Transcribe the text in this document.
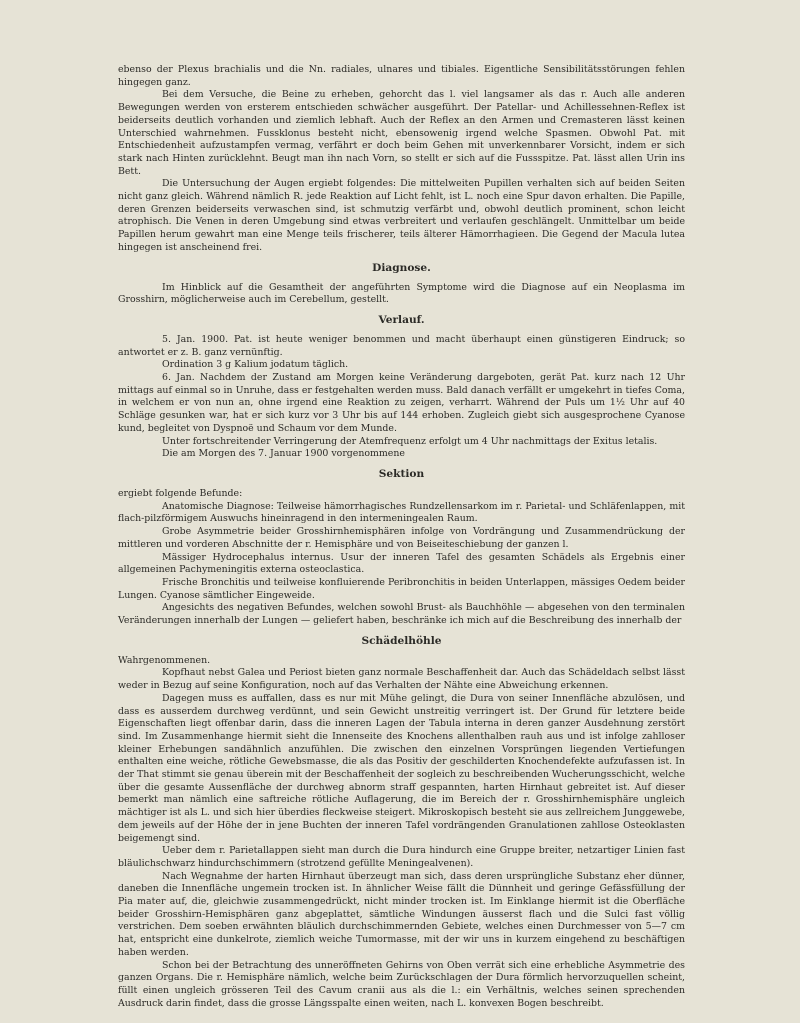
ebenso der Plexus brachialis und die Nn. radiales, ulnares und tibiales. Eigentliche Sensibilitätsstörungen fehlen hingegen ganz.

Bei dem Versuche, die Beine zu erheben, gehorcht das l. viel langsamer als das r. Auch alle anderen Bewegungen werden von ersterem entschieden schwächer ausgeführt. Der Patellar- und Achillessehnen-Reflex ist beiderseits deutlich vorhanden und ziemlich lebhaft. Auch der Reflex an den Armen und Cremasteren lässt keinen Unterschied wahrnehmen. Fussklonus besteht nicht, ebensowenig irgend welche Spasmen. Obwohl Pat. mit Entschiedenheit aufzustampfen vermag, verfährt er doch beim Gehen mit unverkennbarer Vorsicht, indem er sich stark nach Hinten zurücklehnt. Beugt man ihn nach Vorn, so stellt er sich auf die Fussspitze. Pat. lässt allen Urin ins Bett.

Die Untersuchung der Augen ergiebt folgendes: Die mittelweiten Pupillen verhalten sich auf beiden Seiten nicht ganz gleich. Während nämlich R. jede Reaktion auf Licht fehlt, ist L. noch eine Spur davon erhalten. Die Papille, deren Grenzen beiderseits verwaschen sind, ist schmutzig verfärbt und, obwohl deutlich prominent, schon leicht atrophisch. Die Venen in deren Umgebung sind etwas verbreitert und verlaufen geschlängelt. Unmittelbar um beide Papillen herum gewahrt man eine Menge teils frischerer, teils älterer Hämorrhagieen. Die Gegend der Macula lutea hingegen ist anscheinend frei.

Diagnose.

Im Hinblick auf die Gesamtheit der angeführten Symptome wird die Diagnose auf ein Neoplasma im Grosshirn, möglicherweise auch im Cerebellum, gestellt.

Verlauf.

5. Jan. 1900. Pat. ist heute weniger benommen und macht überhaupt einen günstigeren Eindruck; so antwortet er z. B. ganz vernünftig.

Ordination 3 g Kalium jodatum täglich.

6. Jan. Nachdem der Zustand am Morgen keine Veränderung dargeboten, gerät Pat. kurz nach 12 Uhr mittags auf einmal so in Unruhe, dass er festgehalten werden muss. Bald danach verfällt er umgekehrt in tiefes Coma, in welchem er von nun an, ohne irgend eine Reaktion zu zeigen, verharrt. Während der Puls um 1½ Uhr auf 40 Schläge gesunken war, hat er sich kurz vor 3 Uhr bis auf 144 erhoben. Zugleich giebt sich ausgesprochene Cyanose kund, begleitet von Dyspnoë und Schaum vor dem Munde.

Unter fortschreitender Verringerung der Atemfrequenz erfolgt um 4 Uhr nachmittags der Exitus letalis.

Die am Morgen des 7. Januar 1900 vorgenommene

Sektion

ergiebt folgende Befunde:

Anatomische Diagnose: Teilweise hämorrhagisches Rundzellensarkom im r. Parietal- und Schläfenlappen, mit flach-pilzförmigem Auswuchs hineinragend in den intermeningealen Raum.

Grobe Asymmetrie beider Grosshirnhemisphären infolge von Vordrängung und Zusammendrückung der mittleren und vorderen Abschnitte der r. Hemisphäre und von Beiseiteschiebung der ganzen l.

Mässiger Hydrocephalus internus. Usur der inneren Tafel des gesamten Schädels als Ergebnis einer allgemeinen Pachymeningitis externa osteoclastica.

Frische Bronchitis und teilweise konfluierende Peribronchitis in beiden Unterlappen, mässiges Oedem beider Lungen. Cyanose sämtlicher Eingeweide.

Angesichts des negativen Befundes, welchen sowohl Brust- als Bauchhöhle — abgesehen von den terminalen Veränderungen innerhalb der Lungen — geliefert haben, beschränke ich mich auf die Beschreibung des innerhalb der

Schädelhöhle

Wahrgenommenen.

Kopfhaut nebst Galea und Periost bieten ganz normale Beschaffenheit dar. Auch das Schädeldach selbst lässt weder in Bezug auf seine Konfiguration, noch auf das Verhalten der Nähte eine Abweichung erkennen.

Dagegen muss es auffallen, dass es nur mit Mühe gelingt, die Dura von seiner Innenfläche abzulösen, und dass es ausserdem durchweg verdünnt, und sein Gewicht unstreitig verringert ist. Der Grund für letztere beide Eigenschaften liegt offenbar darin, dass die inneren Lagen der Tabula interna in deren ganzer Ausdehnung zerstört sind. Im Zusammenhange hiermit sieht die Innenseite des Knochens allenthalben rauh aus und ist infolge zahlloser kleiner Erhebungen sandähnlich anzufühlen. Die zwischen den einzelnen Vorsprüngen liegenden Vertiefungen enthalten eine weiche, rötliche Gewebsmasse, die als das Positiv der geschilderten Knochendefekte aufzufassen ist. In der That stimmt sie genau überein mit der Beschaffenheit der sogleich zu beschreibenden Wucherungsschicht, welche über die gesamte Aussenfläche der durchweg abnorm straff gespannten, harten Hirnhaut gebreitet ist. Auf dieser bemerkt man nämlich eine saftreiche rötliche Auflagerung, die im Bereich der r. Grosshirnhemisphäre ungleich mächtiger ist als L. und sich hier überdies fleckweise steigert. Mikroskopisch besteht sie aus zellreichem Junggewebe, dem jeweils auf der Höhe der in jene Buchten der inneren Tafel vordrängenden Granulationen zahllose Osteoklasten beigemengt sind.

Ueber dem r. Parietallappen sieht man durch die Dura hindurch eine Gruppe breiter, netzartiger Linien fast bläulichschwarz hindurchschimmern (strotzend gefüllte Meningealvenen).

Nach Wegnahme der harten Hirnhaut überzeugt man sich, dass deren ursprüngliche Substanz eher dünner, daneben die Innenfläche ungemein trocken ist. In ähnlicher Weise fällt die Dünnheit und geringe Gefässfüllung der Pia mater auf, die, gleichwie zusammengedrückt, nicht minder trocken ist. Im Einklange hiermit ist die Oberfläche beider Grosshirn-Hemisphären ganz abgeplattet, sämtliche Windungen äusserst flach und die Sulci fast völlig verstrichen. Dem soeben erwähnten bläulich durchschimmernden Gebiete, welches einen Durchmesser von 5—7 cm hat, entspricht eine dunkelrote, ziemlich weiche Tumormasse, mit der wir uns in kurzem eingehend zu beschäftigen haben werden.

Schon bei der Betrachtung des unneröffneten Gehirns von Oben verrät sich eine erhebliche Asymmetrie des ganzen Organs. Die r. Hemisphäre nämlich, welche beim Zurückschlagen der Dura förmlich hervorzuquellen scheint, füllt einen ungleich grösseren Teil des Cavum cranii aus als die l.: ein Verhältnis, welches seinen sprechenden Ausdruck darin findet, dass die grosse Längsspalte einen weiten, nach L. konvexen Bogen beschreibt.
